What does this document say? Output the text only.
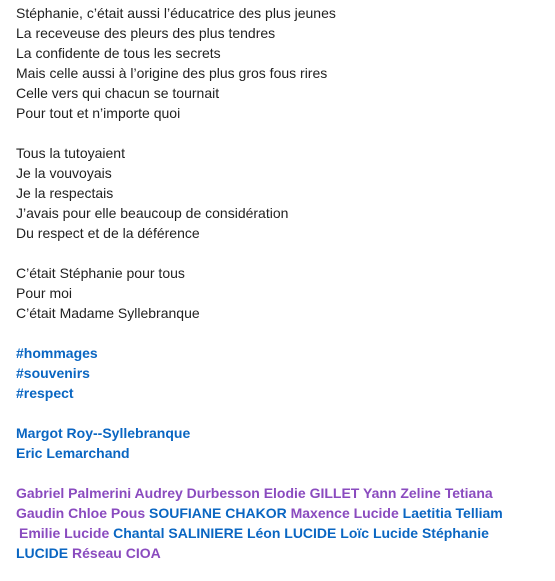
Stéphanie, c’était aussi l’éducatrice des plus jeunes
La receveuse des pleurs des plus tendres
La confidente de tous les secrets
Mais celle aussi à l’origine des plus gros fous rires
Celle vers qui chacun se tournait
Pour tout et n’importe quoi
Tous la tutoyaient
Je la vouvoyais
Je la respectais
J’avais pour elle beaucoup de considération
Du respect et de la déférence
C’était Stéphanie pour tous
Pour moi
C’était Madame Syllebranque
#hommages
#souvenirs
#respect
Margot Roy--Syllebranque
Eric Lemarchand
Gabriel Palmerini Audrey Durbesson Elodie GILLET Yann Zeline Tetiana
Gaudin Chloe Pous SOUFIANE CHAKOR Maxence Lucide Laetitia Telliam
Emilie Lucide Chantal SALINIERE Léon LUCIDE Loïc Lucide Stéphanie
LUCIDE Réseau CIOA
